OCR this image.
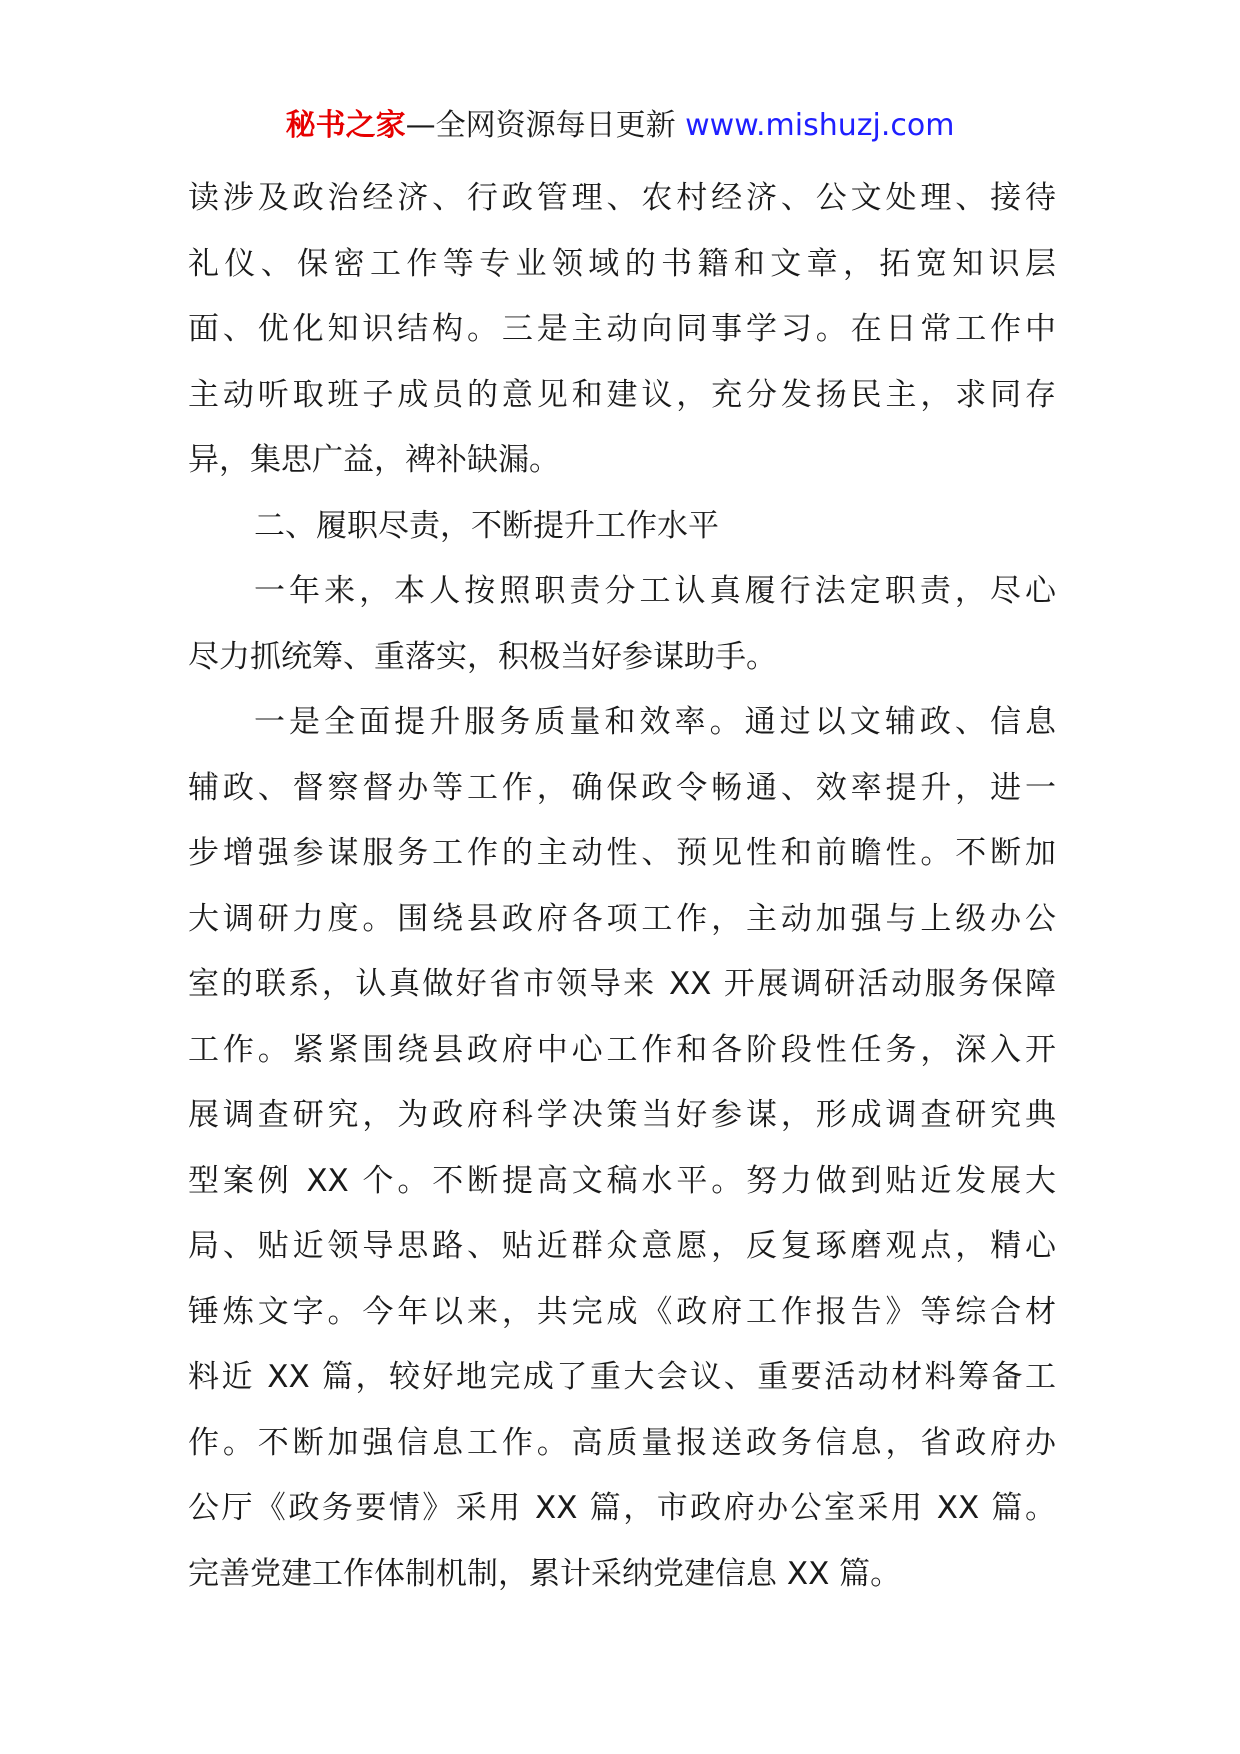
秘书之家—全网资源每日更新 www.mishuzj.com
读涉及政治经济、行政管理、农村经济、公文处理、接待
礼仪、保密工作等专业领域的书籍和文章，拓宽知识层
面、优化知识结构。三是主动向同事学习。在日常工作中
主动听取班子成员的意见和建议，充分发扬民主，求同存
异，集思广益，裨补缺漏。
二、履职尽责，不断提升工作水平
一年来，本人按照职责分工认真履行法定职责，尽心
尽力抓统筹、重落实，积极当好参谋助手。
一是全面提升服务质量和效率。通过以文辅政、信息
辅政、督察督办等工作，确保政令畅通、效率提升，进一
步增强参谋服务工作的主动性、预见性和前瞻性。不断加
大调研力度。围绕县政府各项工作，主动加强与上级办公
室的联系，认真做好省市领导来 XX 开展调研活动服务保障
工作。紧紧围绕县政府中心工作和各阶段性任务，深入开
展调查研究，为政府科学决策当好参谋，形成调查研究典
型案例 XX 个。不断提高文稿水平。努力做到贴近发展大
局、贴近领导思路、贴近群众意愿，反复琢磨观点，精心
锤炼文字。今年以来，共完成《政府工作报告》等综合材
料近 XX 篇，较好地完成了重大会议、重要活动材料筹备工
作。不断加强信息工作。高质量报送政务信息，省政府办
公厅《政务要情》采用 XX 篇，市政府办公室采用 XX 篇。
完善党建工作体制机制，累计采纳党建信息 XX 篇。
